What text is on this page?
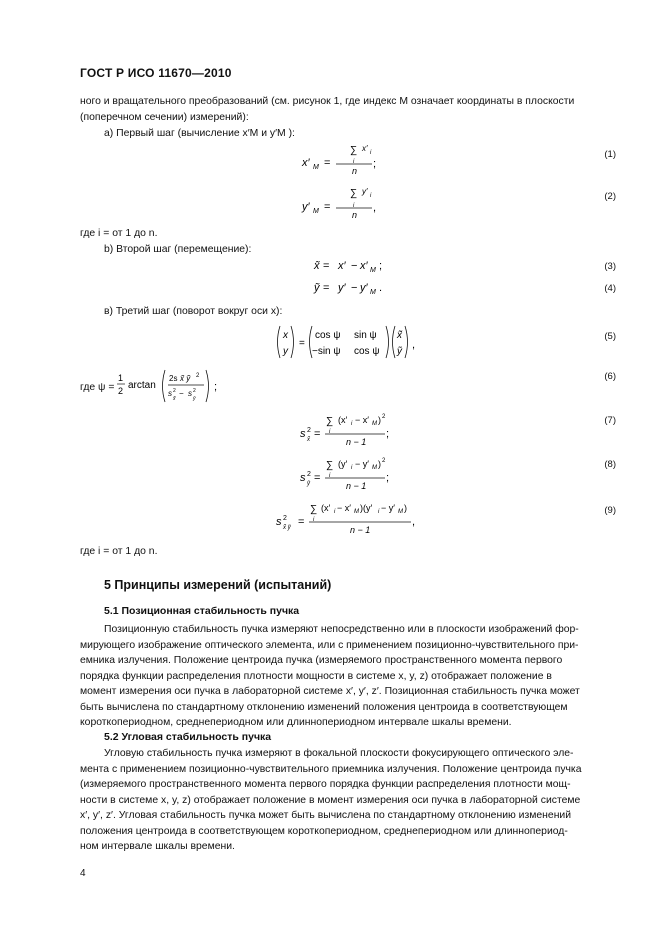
ГОСТ Р ИСО 11670—2010
ного и вращательного преобразований (см. рисунок 1, где индекс M означает координаты в плоскости
(поперечном сечении) измерений):
а) Первый шаг (вычисление x′M и y′M ):
x′ M =
∑ x′ i
i
n
;
(1)
y′ M =
∑ y′ i
i
n
,
(2)
где i = от 1 до n.
b) Второй шаг (перемещение):
x̃ = x′ − x′ M ;	(3)
ỹ = y′ − y′ M .	(4)
в) Третий шаг (поворот вокруг оси x):
x
y
=
cos ψ sin ψ
−sin ψ cos ψ
x̃
ỹ
,
(5)
где ψ =
1
2 arctan
2s x̃ ỹ 2
s 2
x̃
− s 2
ỹ
;
(6)
s 2
x̃ =
∑ (x′ i − x′ M ) 2
i
n − 1
;
(7)
s 2
ỹ =
∑ (y′ i − y′ M ) 2
i
n − 1
;
(8)
s 2
x̃ ỹ =
∑ (x′ i − x′ M )(y′ i − y′ M )
i
n − 1
,
(9)
где i = от 1 до n.
5 Принципы измерений (испытаний)
5.1 Позиционная стабильность пучка
Позиционную стабильность пучка измеряют непосредственно или в плоскости изображений фор-
мирующего изображение оптического элемента, или с применением позиционно-чувствительного при-
емника излучения. Положение центроида пучка (измеряемого пространственного момента первого
порядка функции распределения плотности мощности в системе x, y, z) отображает положение в
момент измерения оси пучка в лабораторной системе x′, y′, z′. Позиционная стабильность пучка может
быть вычислена по стандартному отклонению изменений положения центроида в соответствующем
короткопериодном, среднепериодном или длиннопериодном интервале шкалы времени.
5.2 Угловая стабильность пучка
Угловую стабильность пучка измеряют в фокальной плоскости фокусирующего оптического эле-
мента с применением позиционно-чувствительного приемника излучения. Положение центроида пучка
(измеряемого пространственного момента первого порядка функции распределения плотности мощ-
ности в системе x, y, z) отображает положение в момент измерения оси пучка в лабораторной системе
x′, y′, z′. Угловая стабильность пучка может быть вычислена по стандартному отклонению изменений
положения центроида в соответствующем короткопериодном, среднепериодном или длиннопериод-
ном интервале шкалы времени.
4
